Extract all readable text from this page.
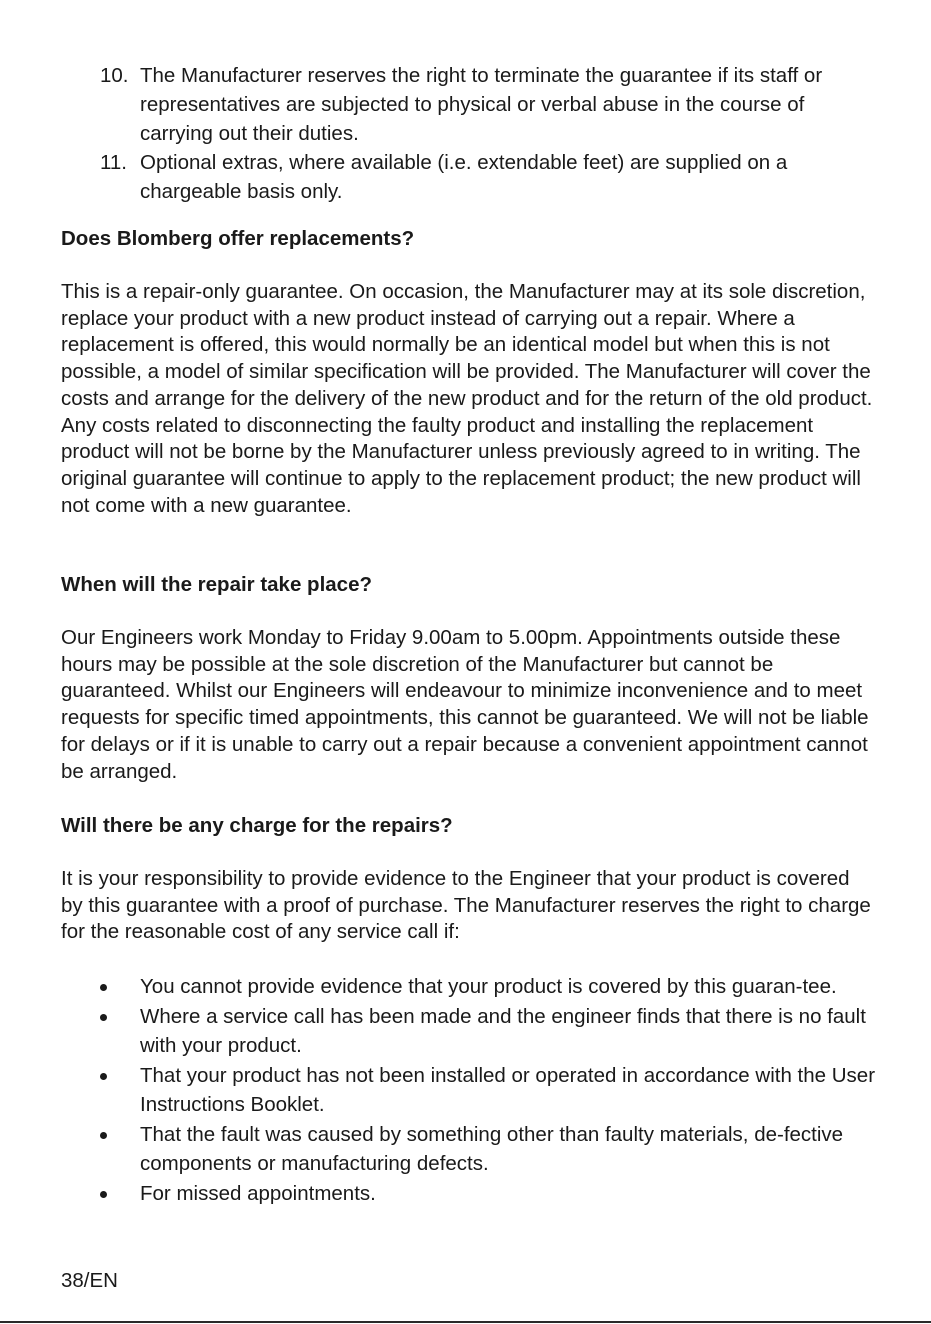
10. The Manufacturer reserves the right to terminate the guarantee if its staff or representatives are subjected to physical or verbal abuse in the course of carrying out their duties.
11. Optional extras, where available (i.e. extendable feet) are supplied on a chargeable basis only.
Does Blomberg offer replacements?
This is a repair-only guarantee. On occasion, the Manufacturer may at its sole discretion, replace your product with a new product instead of carrying out a repair. Where a replacement is offered, this would normally be an identical model but when this is not possible, a model of similar specification will be provided. The Manufacturer will cover the costs and arrange for the delivery of the new product and for the return of the old product. Any costs related to disconnecting the faulty product and installing the replacement product will not be borne by the Manufacturer unless previously agreed to in writing. The original guarantee will continue to apply to the replacement product; the new product will not come with a new guarantee.
When will the repair take place?
Our Engineers work Monday to Friday 9.00am to 5.00pm. Appointments outside these hours may be possible at the sole discretion of the Manufacturer but cannot be guaranteed. Whilst our Engineers will endeavour to minimize inconvenience and to meet requests for specific timed appointments, this cannot be guaranteed. We will not be liable for delays or if it is unable to carry out a repair because a convenient appointment cannot be arranged.
Will there be any charge for the repairs?
It is your responsibility to provide evidence to the Engineer that your product is covered by this guarantee with a proof of purchase. The Manufacturer reserves the right to charge for the reasonable cost of any service call if:
You cannot provide evidence that your product is covered by this guaran-tee.
Where a service call has been made and the engineer finds that there is no fault with your product.
That your product has not been installed or operated in accordance with the User Instructions Booklet.
That the fault was caused by something other than faulty materials, de-fective components or manufacturing defects.
For missed appointments.
38/EN
